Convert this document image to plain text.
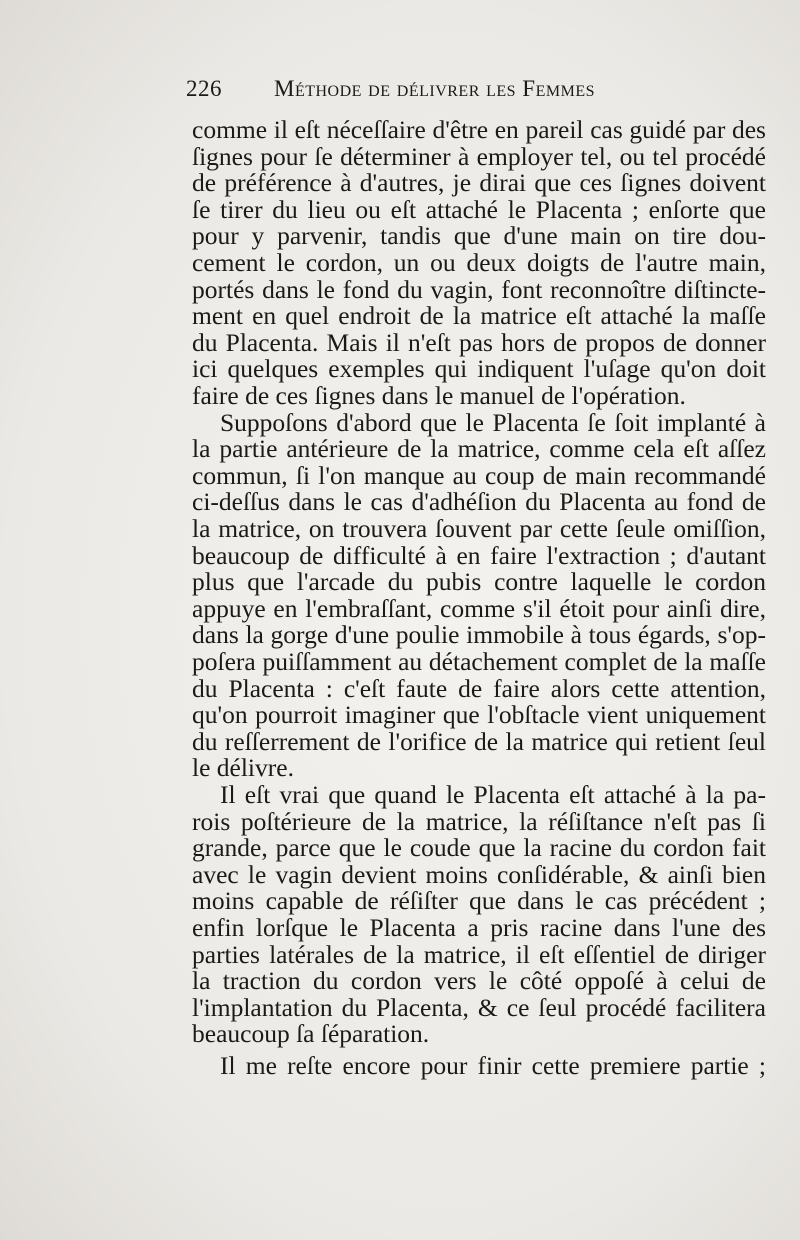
226 Méthode de délivrer les Femmes
comme il eſt néceſſaire d'être en pareil cas guidé par des
ſignes pour ſe déterminer à employer tel, ou tel procédé
de préférence à d'autres, je dirai que ces ſignes doivent
ſe tirer du lieu ou eſt attaché le Placenta ; enſorte que
pour y parvenir, tandis que d'une main on tire dou-
cement le cordon, un ou deux doigts de l'autre main,
portés dans le fond du vagin, font reconnoître diſtincte-
ment en quel endroit de la matrice eſt attaché la maſſe
du Placenta. Mais il n'eſt pas hors de propos de donner
ici quelques exemples qui indiquent l'uſage qu'on doit
faire de ces ſignes dans le manuel de l'opération.
Suppoſons d'abord que le Placenta ſe ſoit implanté à
la partie antérieure de la matrice, comme cela eſt aſſez
commun, ſi l'on manque au coup de main recommandé
ci-deſſus dans le cas d'adhéſion du Placenta au fond de
la matrice, on trouvera ſouvent par cette ſeule omiſſion,
beaucoup de difficulté à en faire l'extraction ; d'autant
plus que l'arcade du pubis contre laquelle le cordon
appuye en l'embraſſant, comme s'il étoit pour ainſi dire,
dans la gorge d'une poulie immobile à tous égards, s'op-
poſera puiſſamment au détachement complet de la maſſe
du Placenta : c'eſt faute de faire alors cette attention,
qu'on pourroit imaginer que l'obſtacle vient uniquement
du reſſerrement de l'orifice de la matrice qui retient ſeul
le délivre.
Il eſt vrai que quand le Placenta eſt attaché à la pa-
rois poſtérieure de la matrice, la réſiſtance n'eſt pas ſi
grande, parce que le coude que la racine du cordon fait
avec le vagin devient moins conſidérable, & ainſi bien
moins capable de réſiſter que dans le cas précédent ;
enfin lorſque le Placenta a pris racine dans l'une des
parties latérales de la matrice, il eſt eſſentiel de diriger
la traction du cordon vers le côté oppoſé à celui de
l'implantation du Placenta, & ce ſeul procédé facilitera
beaucoup ſa ſéparation.
Il me reſte encore pour finir cette premiere partie ;
